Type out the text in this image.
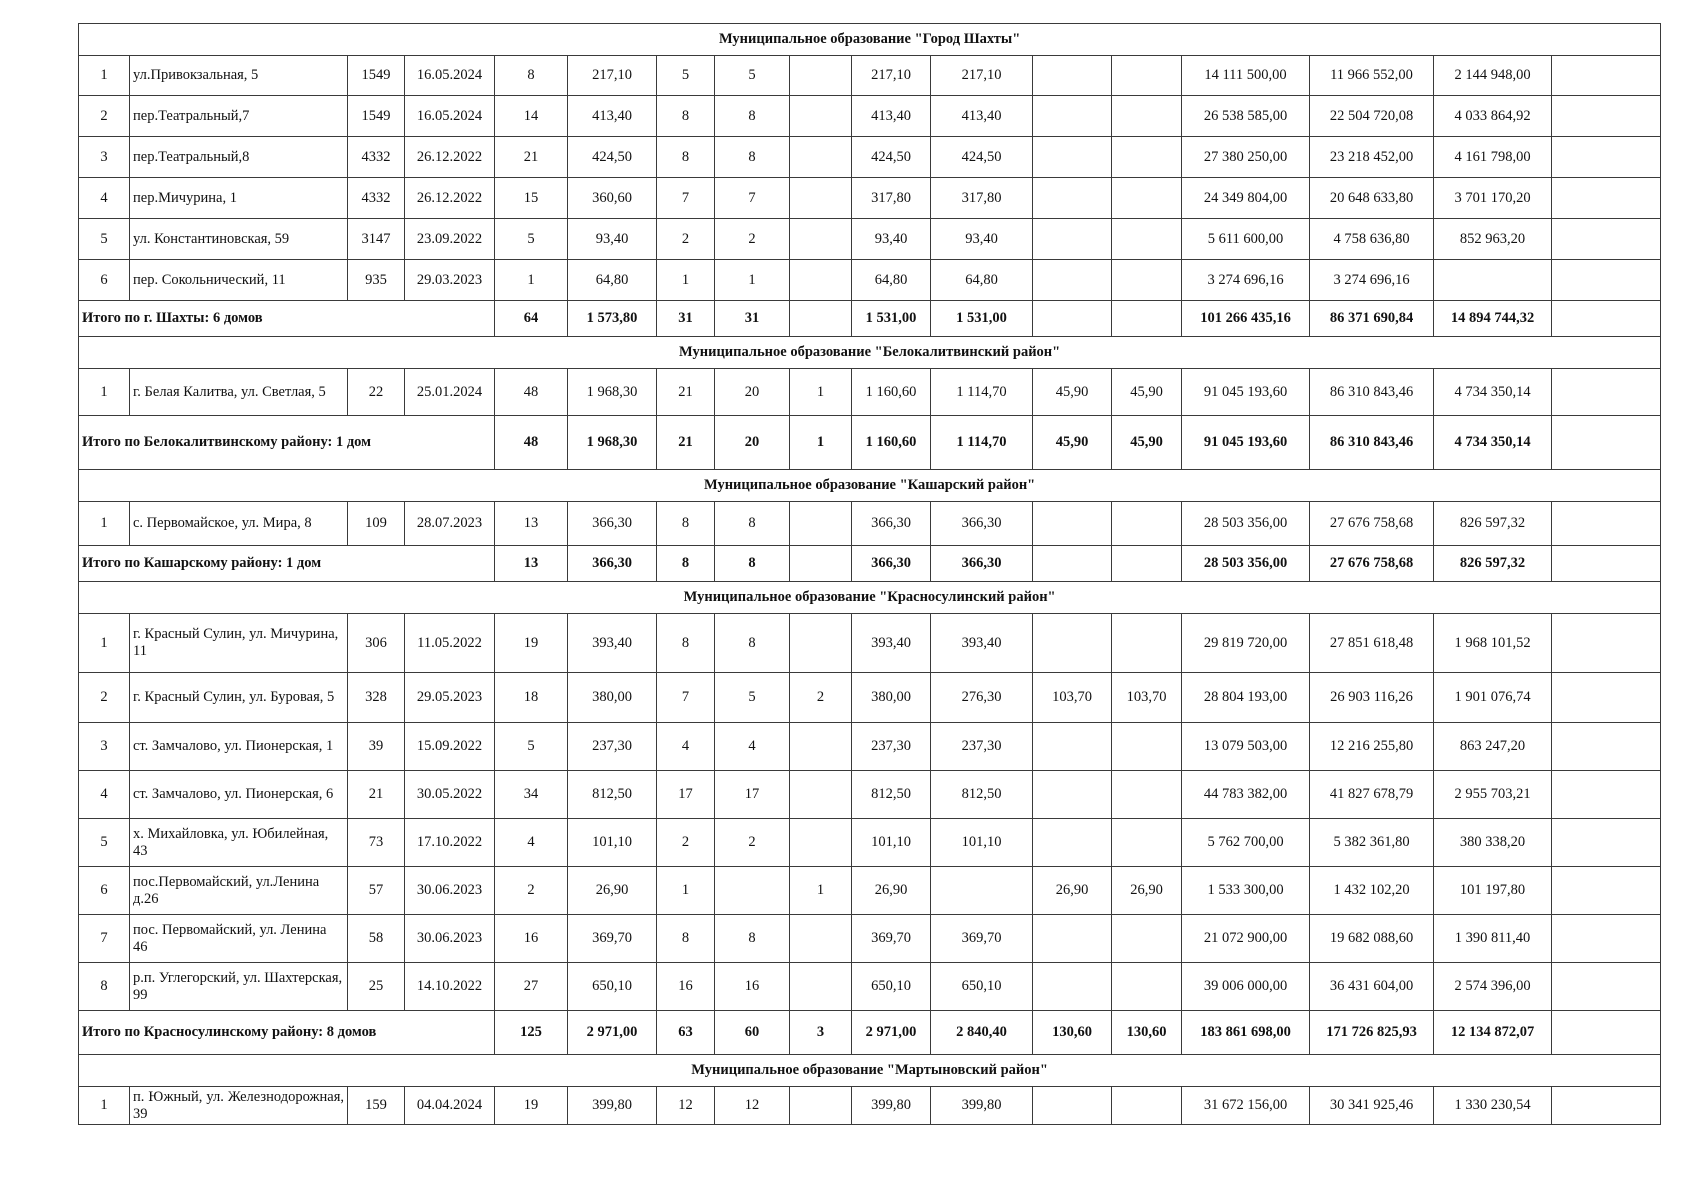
Муниципальное образование "Город Шахты"																
1	ул.Привокзальная, 5	1549	16.05.2024	8	217,10	5	5		217,10	217,10			14 111 500,00	11 966 552,00	2 144 948,00	
2	пер.Театральный,7	1549	16.05.2024	14	413,40	8	8		413,40	413,40			26 538 585,00	22 504 720,08	4 033 864,92	
3	пер.Театральный,8	4332	26.12.2022	21	424,50	8	8		424,50	424,50			27 380 250,00	23 218 452,00	4 161 798,00	
4	пер.Мичурина, 1	4332	26.12.2022	15	360,60	7	7		317,80	317,80			24 349 804,00	20 648 633,80	3 701 170,20	
5	ул. Константиновская, 59	3147	23.09.2022	5	93,40	2	2		93,40	93,40			5 611 600,00	4 758 636,80	852 963,20	
6	пер. Сокольнический, 11	935	29.03.2023	1	64,80	1	1		64,80	64,80			3 274 696,16	3 274 696,16		
Итого по г. Шахты: 6 домов				64	1 573,80	31	31		1 531,00	1 531,00			101 266 435,16	86 371 690,84	14 894 744,32	
Муниципальное образование "Белокалитвинский район"																
1	г. Белая Калитва, ул. Светлая, 5	22	25.01.2024	48	1 968,30	21	20	1	1 160,60	1 114,70	45,90	45,90	91 045 193,60	86 310 843,46	4 734 350,14	
Итого по Белокалитвинскому району: 1 дом				48	1 968,30	21	20	1	1 160,60	1 114,70	45,90	45,90	91 045 193,60	86 310 843,46	4 734 350,14	
Муниципальное образование "Кашарский район"																
1	с. Первомайское, ул. Мира, 8	109	28.07.2023	13	366,30	8	8		366,30	366,30			28 503 356,00	27 676 758,68	826 597,32	
Итого по Кашарскому району: 1 дом				13	366,30	8	8		366,30	366,30			28 503 356,00	27 676 758,68	826 597,32	
Муниципальное образование "Красносулинский район"																
1	г. Красный Сулин, ул. Мичурина, 11	306	11.05.2022	19	393,40	8	8		393,40	393,40			29 819 720,00	27 851 618,48	1 968 101,52	
2	г. Красный Сулин, ул. Буровая, 5	328	29.05.2023	18	380,00	7	5	2	380,00	276,30	103,70	103,70	28 804 193,00	26 903 116,26	1 901 076,74	
3	ст. Замчалово, ул. Пионерская, 1	39	15.09.2022	5	237,30	4	4		237,30	237,30			13 079 503,00	12 216 255,80	863 247,20	
4	ст. Замчалово, ул. Пионерская, 6	21	30.05.2022	34	812,50	17	17		812,50	812,50			44 783 382,00	41 827 678,79	2 955 703,21	
5	х. Михайловка, ул. Юбилейная, 43	73	17.10.2022	4	101,10	2	2		101,10	101,10			5 762 700,00	5 382 361,80	380 338,20	
6	пос.Первомайский, ул.Ленина д.26	57	30.06.2023	2	26,90	1		1	26,90		26,90	26,90	1 533 300,00	1 432 102,20	101 197,80	
7	пос. Первомайский, ул. Ленина 46	58	30.06.2023	16	369,70	8	8		369,70	369,70			21 072 900,00	19 682 088,60	1 390 811,40	
8	р.п. Углегорский, ул. Шахтерская, 99	25	14.10.2022	27	650,10	16	16		650,10	650,10			39 006 000,00	36 431 604,00	2 574 396,00	
Итого по Красносулинскому району: 8 домов				125	2 971,00	63	60	3	2 971,00	2 840,40	130,60	130,60	183 861 698,00	171 726 825,93	12 134 872,07	
Муниципальное образование "Мартыновский район"																
1	п. Южный, ул. Железнодорожная, 39	159	04.04.2024	19	399,80	12	12		399,80	399,80			31 672 156,00	30 341 925,46	1 330 230,54	
